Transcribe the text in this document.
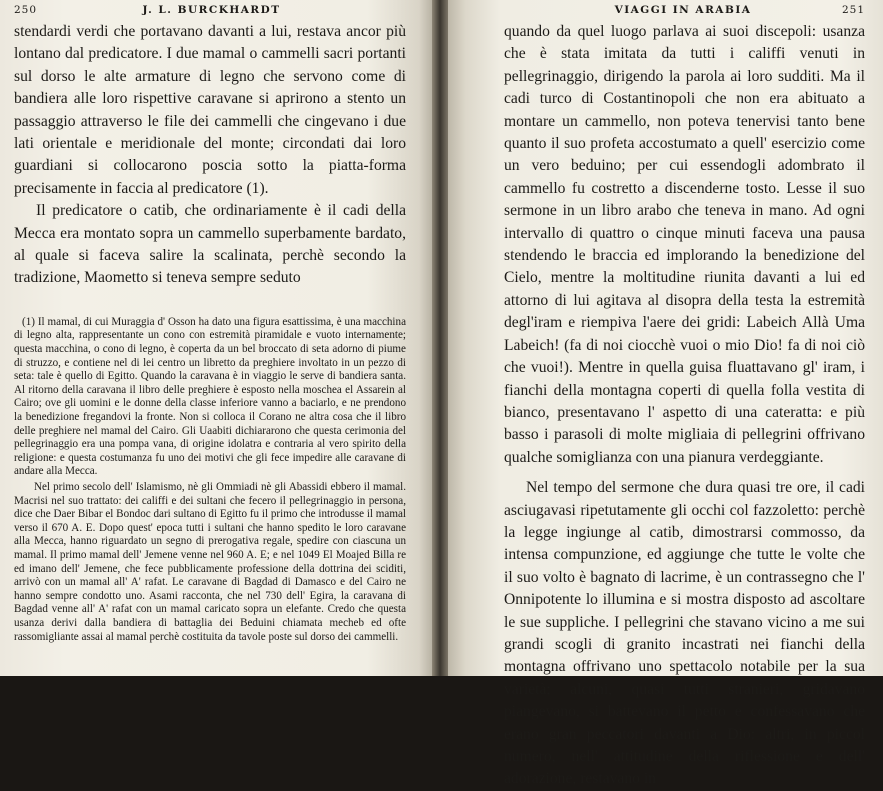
250	J. L. BURCKHARDT

stendardi verdi che portavano davanti a lui, restava ancor più lontano dal predicatore. I due mamal o cammelli sacri portanti sul dorso le alte armature di legno che servono come di bandiera alle loro rispettive caravane si aprirono a stento un passaggio attraverso le file dei cammelli che cingevano i due lati orientale e meridionale del monte; circondati dai loro guardiani si collocarono poscia sotto la piatta-forma precisamente in faccia al predicatore (1).

Il predicatore o catib, che ordinariamente è il cadi della Mecca era montato sopra un cammello superbamente bardato, al quale si faceva salire la scalinata, perchè secondo la tradizione, Maometto si teneva sempre seduto

(1) Il mamal, di cui Muraggia d' Osson ha dato una figura esattissima, è una macchina di legno alta, rappresentante un cono con estremità piramidale e vuoto internamente; questa macchina, o cono di legno, è coperta da un bel broccato di seta adorno di piume di struzzo, e contiene nel di lei centro un libretto da preghiere involtato in un pezzo di seta: tale è quello di Egitto. Quando la caravana è in viaggio le serve di bandiera santa. Al ritorno della caravana il libro delle preghiere è esposto nella moschea el Assarein al Cairo; ove gli uomini e le donne della classe inferiore vanno a baciarlo, e ne prendono la benedizione fregandovi la fronte. Non si colloca il Corano ne altra cosa che il libro delle preghiere nel mamal del Cairo. Gli Uaabiti dichiararono che questa cerimonia del pellegrinaggio era una pompa vana, di origine idolatra e contraria al vero spirito della religione: e questa costumanza fu uno dei motivi che gli fece impedire alle caravane di andare alla Mecca.

Nel primo secolo dell' Islamismo, nè gli Ommiadi nè gli Abassidi ebbero il mamal. Macrisi nel suo trattato: dei califfi e dei sultani che fecero il pellegrinaggio in persona, dice che Daer Bibar el Bondoc dari sultano di Egitto fu il primo che introdusse il mamal verso il 670 A. E. Dopo quest' epoca tutti i sultani che hanno spedito le loro caravane alla Mecca, hanno riguardato un segno di prerogativa regale, spedire con ciascuna un mamal. Il primo mamal dell' Jemene venne nel 960 A. E; e nel 1049 El Moajed Billa re ed imano dell' Jemene, che fece pubblicamente professione della dottrina dei sciditi, arrivò con un mamal all' A' rafat. Le caravane di Bagdad di Damasco e del Cairo ne hanno sempre condotto uno. Asami racconta, che nel 730 dell' Egira, la caravana di Bagdad venne all' A' rafat con un mamal caricato sopra un elefante. Credo che questa usanza derivi dalla bandiera di battaglia dei Beduini chiamata mecheb ed ofte rassomigliante assai al mamal perchè costituita da tavole poste sul dorso dei cammelli.

VIAGGI IN ARABIA	251

quando da quel luogo parlava ai suoi discepoli: usanza che è stata imitata da tutti i califfi venuti in pellegrinaggio, dirigendo la parola ai loro sudditi. Ma il cadi turco di Costantinopoli che non era abituato a montare un cammello, non poteva tenervisi tanto bene quanto il suo profeta accostumato a quell' esercizio come un vero beduino; per cui essendogli adombrato il cammello fu costretto a discenderne tosto. Lesse il suo sermone in un libro arabo che teneva in mano. Ad ogni intervallo di quattro o cinque minuti faceva una pausa stendendo le braccia ed implorando la benedizione del Cielo, mentre la moltitudine riunita davanti a lui ed attorno di lui agitava al disopra della testa la estremità degl'iram e riempiva l'aere dei gridi: Labeich Allà Uma Labeich! (fa di noi ciocchè vuoi o mio Dio! fa di noi ciò che vuoi!). Mentre in quella guisa fluattavano gl' iram, i fianchi della montagna coperti di quella folla vestita di bianco, presentavano l' aspetto di una cateratta: e più basso i parasoli di molte migliaia di pellegrini offrivano qualche somiglianza con una pianura verdeggiante.

Nel tempo del sermone che dura quasi tre ore, il cadi asciugavasi ripetutamente gli occhi col fazzoletto: perchè la legge ingiunge al catib, dimostrarsi commosso, da intensa compunzione, ed aggiunge che tutte le volte che il suo volto è bagnato di lacrime, è un contrassegno che l' Onnipotente lo illumina e si mostra disposto ad ascoltare le sue suppliche. I pellegrini che stavano vicino a me sui grandi scogli di granito incastrati nei fianchi della montagna offrivano uno spettacolo notabile per la sua varietà; alcuni, quasi tutti stranieri, gridavano piangevano, si battevano il petto e confessavano che erano gran peccatori davanti a Dio: altri, in piccol numero, nell' attitudine della riflessione e dell' adorazione, restavano in
